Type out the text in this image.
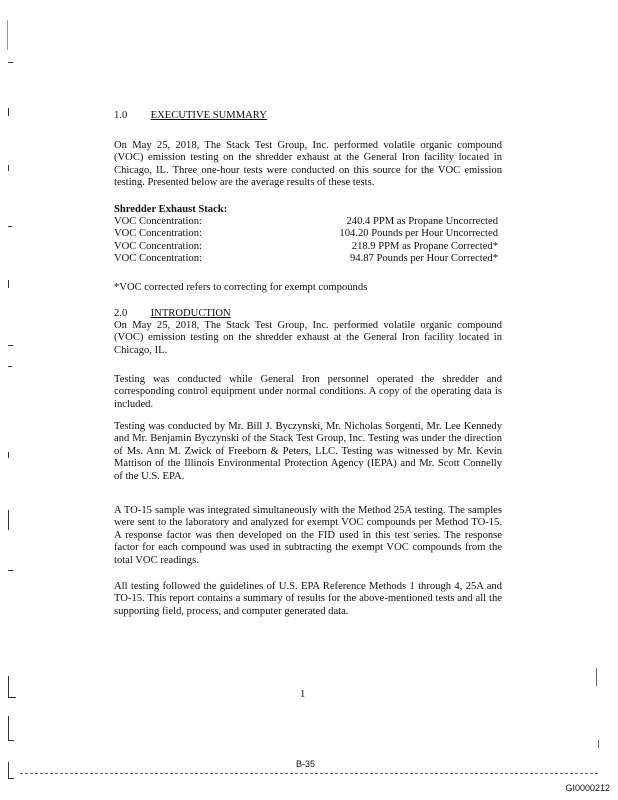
1.0 EXECUTIVE SUMMARY
On May 25, 2018, The Stack Test Group, Inc. performed volatile organic compound (VOC) emission testing on the shredder exhaust at the General Iron facility located in Chicago, IL. Three one-hour tests were conducted on this source for the VOC emission testing. Presented below are the average results of these tests.
Shredder Exhaust Stack:
VOC Concentration:	240.4 PPM as Propane Uncorrected
VOC Concentration:	104.20 Pounds per Hour Uncorrected
VOC Concentration:	218.9 PPM as Propane Corrected*
VOC Concentration:	94.87 Pounds per Hour Corrected*
*VOC corrected refers to correcting for exempt compounds
2.0 INTRODUCTION
On May 25, 2018, The Stack Test Group, Inc. performed volatile organic compound (VOC) emission testing on the shredder exhaust at the General Iron facility located in Chicago, IL.
Testing was conducted while General Iron personnel operated the shredder and corresponding control equipment under normal conditions. A copy of the operating data is included.
Testing was conducted by Mr. Bill J. Byczynski, Mr. Nicholas Sorgenti, Mr. Lee Kennedy and Mr. Benjamin Byczynski of the Stack Test Group, Inc. Testing was under the direction of Ms. Ann M. Zwick of Freeborn & Peters, LLC. Testing was witnessed by Mr. Kevin Mattison of the Illinois Environmental Protection Agency (IEPA) and Mr. Scott Connelly of the U.S. EPA.
A TO-15 sample was integrated simultaneously with the Method 25A testing. The samples were sent to the laboratory and analyzed for exempt VOC compounds per Method TO-15. A response factor was then developed on the FID used in this test series. The response factor for each compound was used in subtracting the exempt VOC compounds from the total VOC readings.
All testing followed the guidelines of U.S. EPA Reference Methods 1 through 4, 25A and TO-15. This report contains a summary of results for the above-mentioned tests and all the supporting field, process, and computer generated data.
1
B-35
GI0000212
